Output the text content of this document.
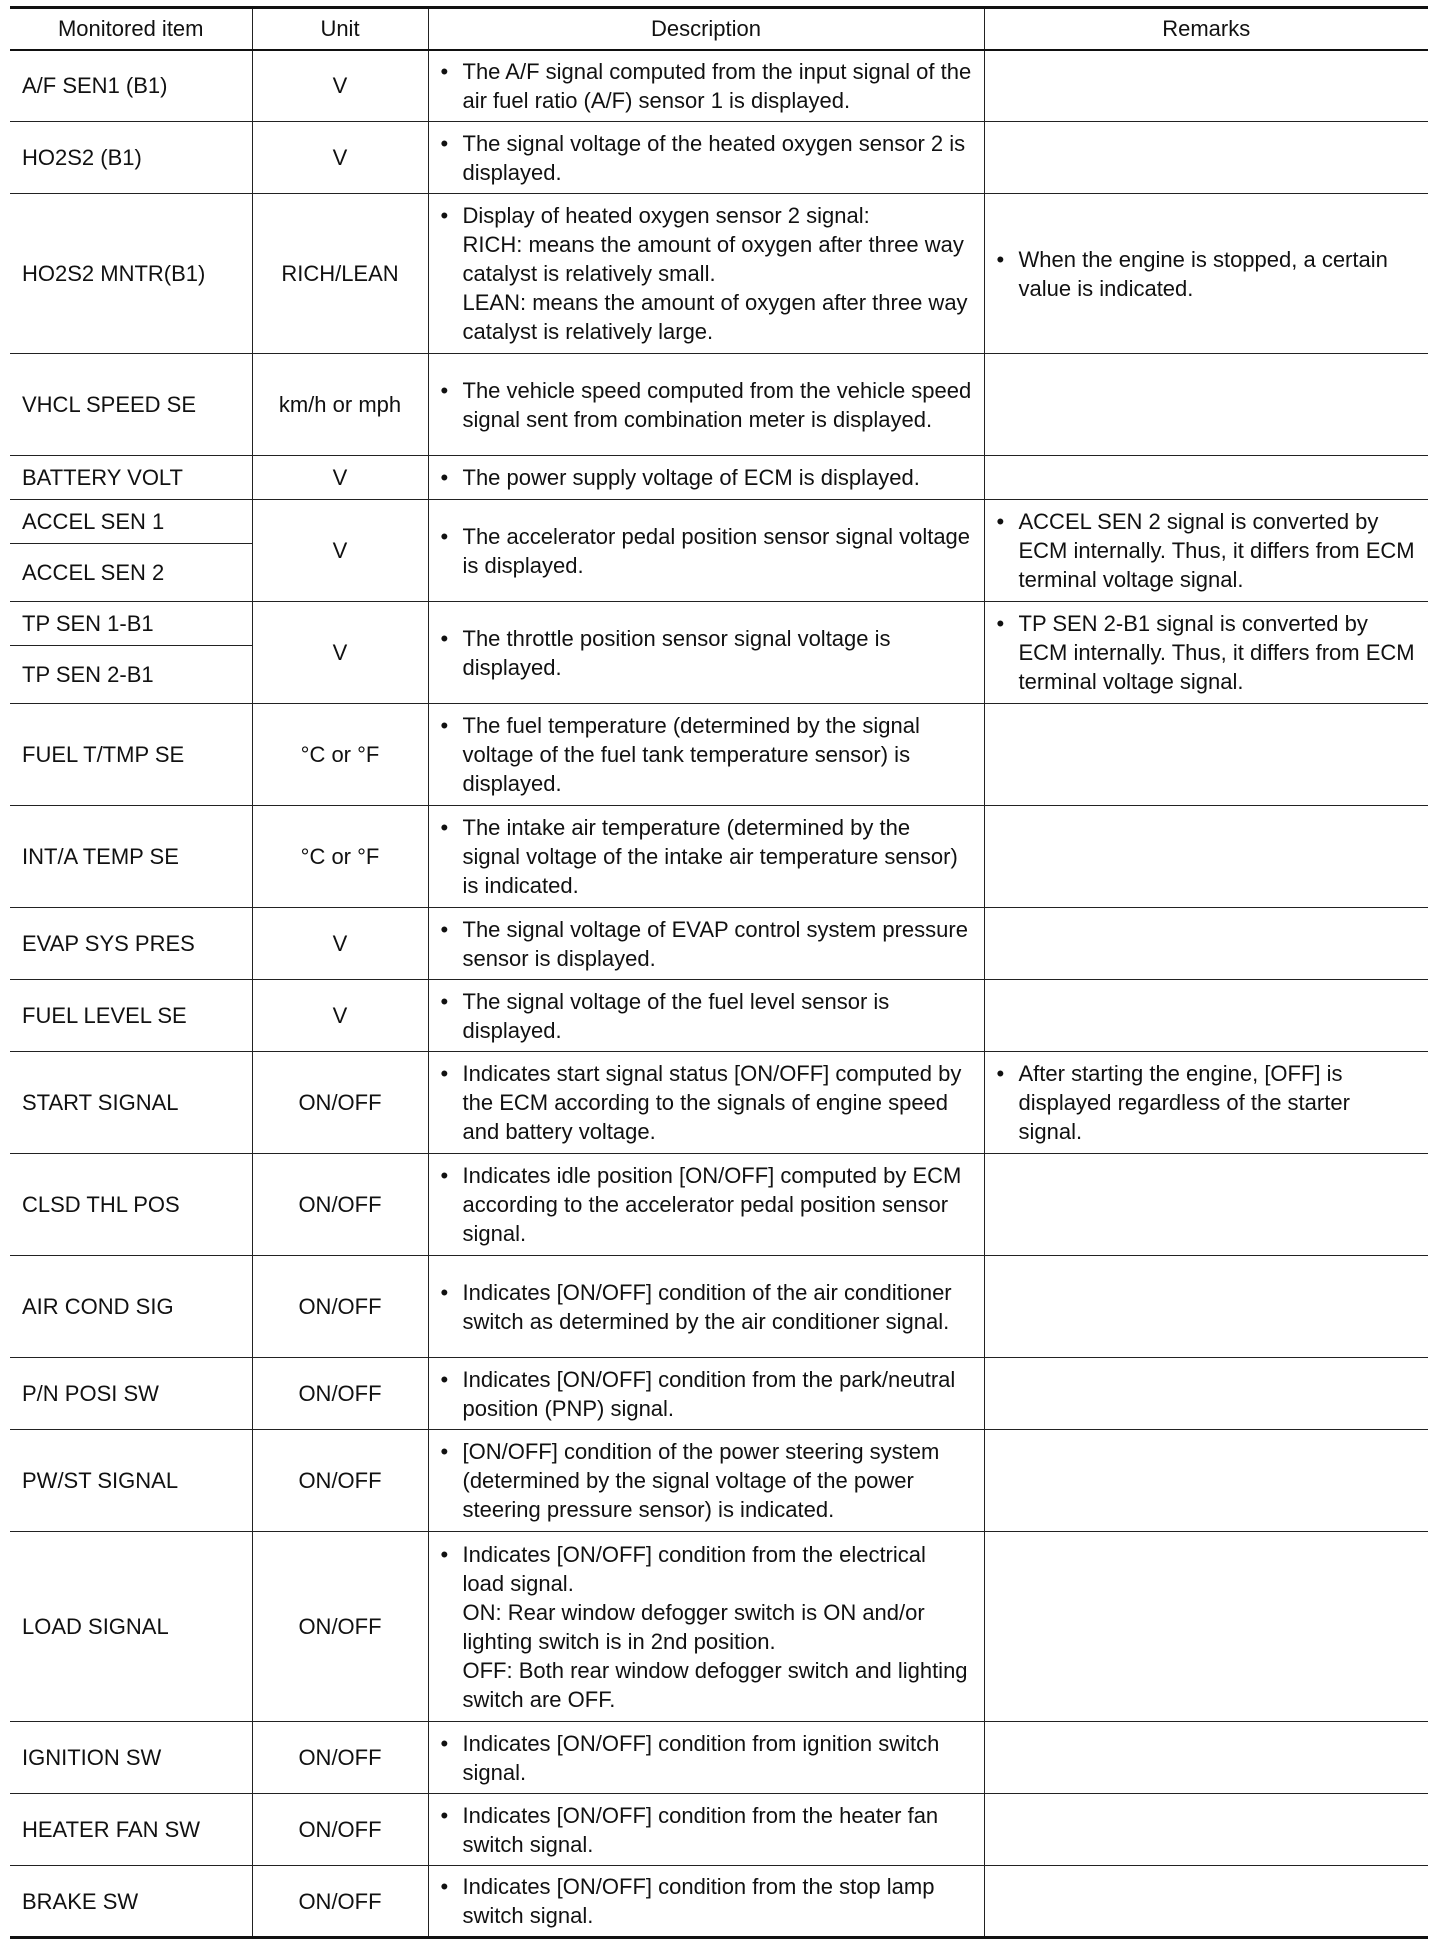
Monitored item	Unit	Description	Remarks
A/F SEN1 (B1)	V	• The A/F signal computed from the input signal of the air fuel ratio (A/F) sensor 1 is displayed.	

HO2S2 (B1)	V	• The signal voltage of the heated oxygen sensor 2 is displayed.	

HO2S2 MNTR(B1)	RICH/LEAN	• Display of heated oxygen sensor 2 signal:
RICH: means the amount of oxygen after three way catalyst is relatively small.
LEAN: means the amount of oxygen after three way catalyst is relatively large.	• When the engine is stopped, a certain value is indicated.

VHCL SPEED SE	km/h or mph	• The vehicle speed computed from the vehicle speed signal sent from combination meter is displayed.	

BATTERY VOLT	V	• The power supply voltage of ECM is displayed.	

ACCEL SEN 1	V	• The accelerator pedal position sensor signal voltage is displayed.	• ACCEL SEN 2 signal is converted by ECM internally. Thus, it differs from ECM terminal voltage signal.

ACCEL SEN 2			
TP SEN 1-B1	V	• The throttle position sensor signal voltage is displayed.	• TP SEN 2-B1 signal is converted by ECM internally. Thus, it differs from ECM terminal voltage signal.

TP SEN 2-B1			
FUEL T/TMP SE	°C or °F	• The fuel temperature (determined by the signal voltage of the fuel tank temperature sensor) is displayed.	

INT/A TEMP SE	°C or °F	• The intake air temperature (determined by the signal voltage of the intake air temperature sensor) is indicated.	

EVAP SYS PRES	V	• The signal voltage of EVAP control system pressure sensor is displayed.	

FUEL LEVEL SE	V	• The signal voltage of the fuel level sensor is displayed.	

START SIGNAL	ON/OFF	• Indicates start signal status [ON/OFF] computed by the ECM according to the signals of engine speed and battery voltage.	• After starting the engine, [OFF] is displayed regardless of the starter signal.

CLSD THL POS	ON/OFF	• Indicates idle position [ON/OFF] computed by ECM according to the accelerator pedal position sensor signal.	

AIR COND SIG	ON/OFF	• Indicates [ON/OFF] condition of the air conditioner switch as determined by the air conditioner signal.	

P/N POSI SW	ON/OFF	• Indicates [ON/OFF] condition from the park/neutral position (PNP) signal.	

PW/ST SIGNAL	ON/OFF	• [ON/OFF] condition of the power steering system (determined by the signal voltage of the power steering pressure sensor) is indicated.	

LOAD SIGNAL	ON/OFF	• Indicates [ON/OFF] condition from the electrical load signal.
ON: Rear window defogger switch is ON and/or lighting switch is in 2nd position.
OFF: Both rear window defogger switch and lighting switch are OFF.	

IGNITION SW	ON/OFF	• Indicates [ON/OFF] condition from ignition switch signal.	

HEATER FAN SW	ON/OFF	• Indicates [ON/OFF] condition from the heater fan switch signal.	

BRAKE SW	ON/OFF	• Indicates [ON/OFF] condition from the stop lamp switch signal.	
